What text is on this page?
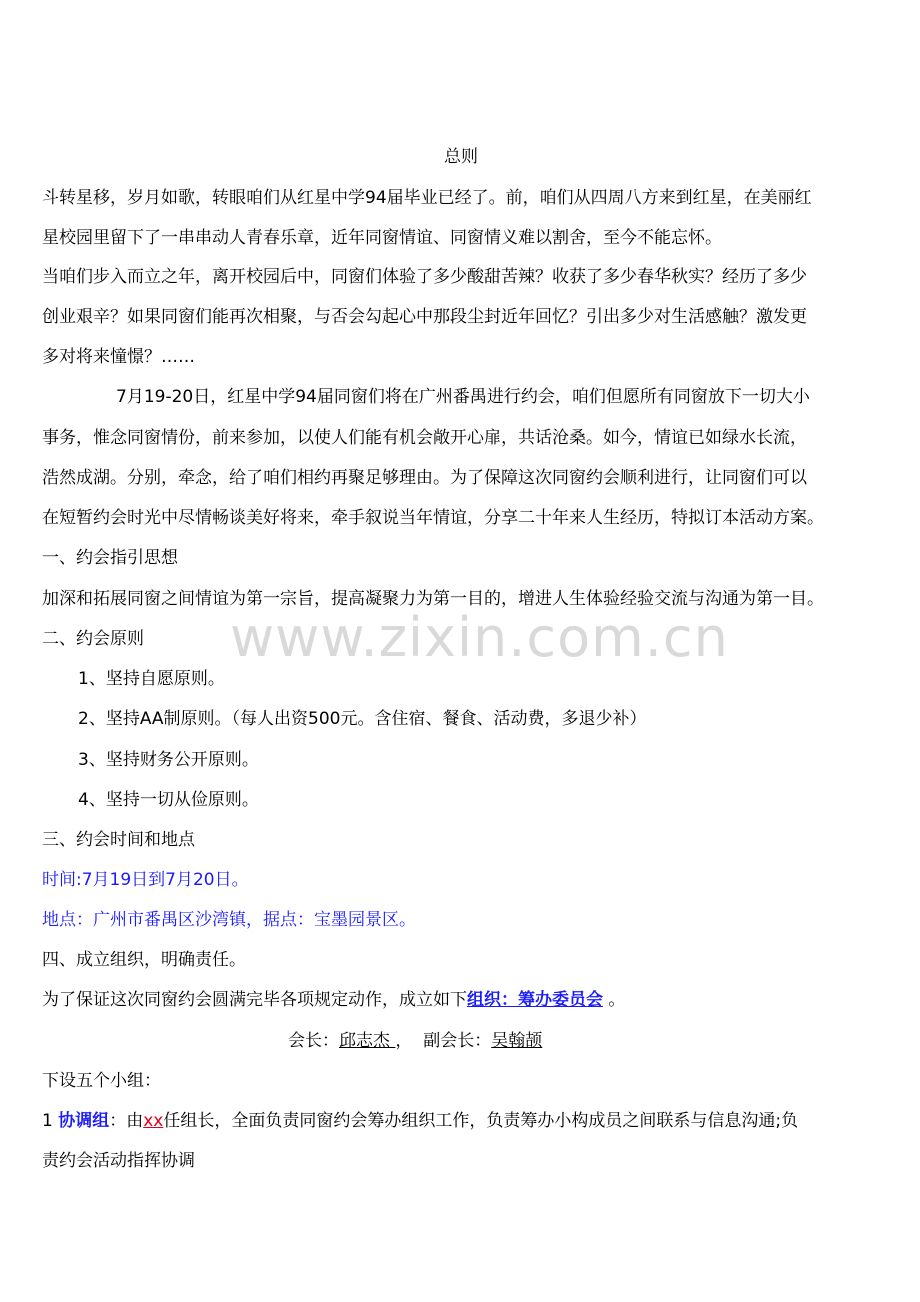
www.zixin.com.cn
总则
斗转星移，岁月如歌，转眼咱们从红星中学94届毕业已经了。前，咱们从四周八方来到红星，在美丽红
星校园里留下了一串串动人青春乐章，近年同窗情谊、同窗情义难以割舍，至今不能忘怀。
当咱们步入而立之年，离开校园后中，同窗们体验了多少酸甜苦辣？收获了多少春华秋实？经历了多少
创业艰辛？如果同窗们能再次相聚，与否会勾起心中那段尘封近年回忆？引出多少对生活感触？激发更
多对将来憧憬？……
7月19-20日，红星中学94届同窗们将在广州番禺进行约会，咱们但愿所有同窗放下一切大小
事务，惟念同窗情份，前来参加，以使人们能有机会敞开心扉，共话沧桑。如今，情谊已如绿水长流，
浩然成湖。分别，牵念，给了咱们相约再聚足够理由。为了保障这次同窗约会顺利进行，让同窗们可以
在短暂约会时光中尽情畅谈美好将来，牵手叙说当年情谊，分享二十年来人生经历，特拟订本活动方案。
一、约会指引思想
加深和拓展同窗之间情谊为第一宗旨，提高凝聚力为第一目的，增进人生体验经验交流与沟通为第一目。
二、约会原则
1、坚持自愿原则。
2、坚持AA制原则。（每人出资500元。含住宿、餐食、活动费，多退少补）
3、坚持财务公开原则。
4、坚持一切从俭原则。
三、约会时间和地点
时间:7月19日到7月20日。
地点：广州市番禺区沙湾镇，据点：宝墨园景区。
四、成立组织，明确责任。
为了保证这次同窗约会圆满完毕各项规定动作，成立如下组织：筹办委员会 。
会长：邱志杰 ，  副会长：吴翰颉
下设五个小组：
1 协调组：由xx任组长，全面负责同窗约会筹办组织工作，负责筹办小构成员之间联系与信息沟通;负
责约会活动指挥协调
